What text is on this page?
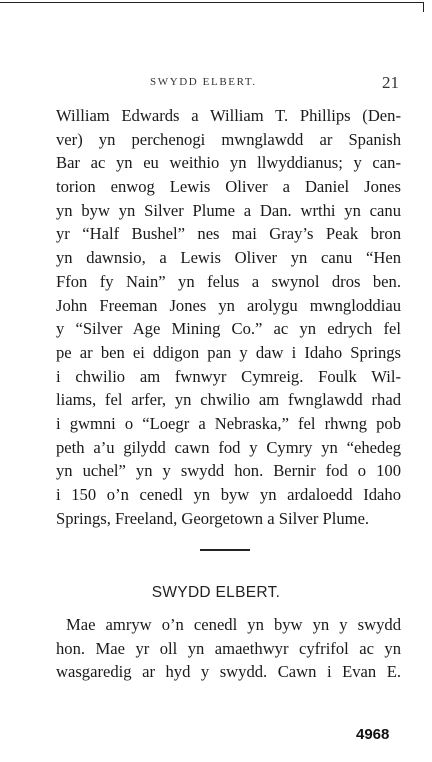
SWYDD ELBERT.	21
William Edwards a William T. Phillips (Den-
ver) yn perchenogi mwnglawdd ar Spanish
Bar ac yn eu weithio yn llwyddianus; y can-
torion enwog Lewis Oliver a Daniel Jones
yn byw yn Silver Plume a Dan. wrthi yn canu
yr “Half Bushel” nes mai Gray’s Peak bron
yn dawnsio, a Lewis Oliver yn canu “Hen
Ffon fy Nain” yn felus a swynol dros ben.
John Freeman Jones yn arolygu mwngloddiau
y “Silver Age Mining Co.” ac yn edrych fel
pe ar ben ei ddigon pan y daw i Idaho Springs
i chwilio am fwnwyr Cymreig. Foulk Wil-
liams, fel arfer, yn chwilio am fwnglawdd rhad
i gwmni o “Loegr a Nebraska,” fel rhwng pob
peth a’u gilydd cawn fod y Cymry yn “ehedeg
yn uchel” yn y swydd hon. Bernir fod o 100
i 150 o’n cenedl yn byw yn ardaloedd Idaho
Springs, Freeland, Georgetown a Silver Plume.
SWYDD ELBERT.
Mae amryw o’n cenedl yn byw yn y swydd
hon. Mae yr oll yn amaethwyr cyfrifol ac yn
wasgaredig ar hyd y swydd. Cawn i Evan E.
4968
